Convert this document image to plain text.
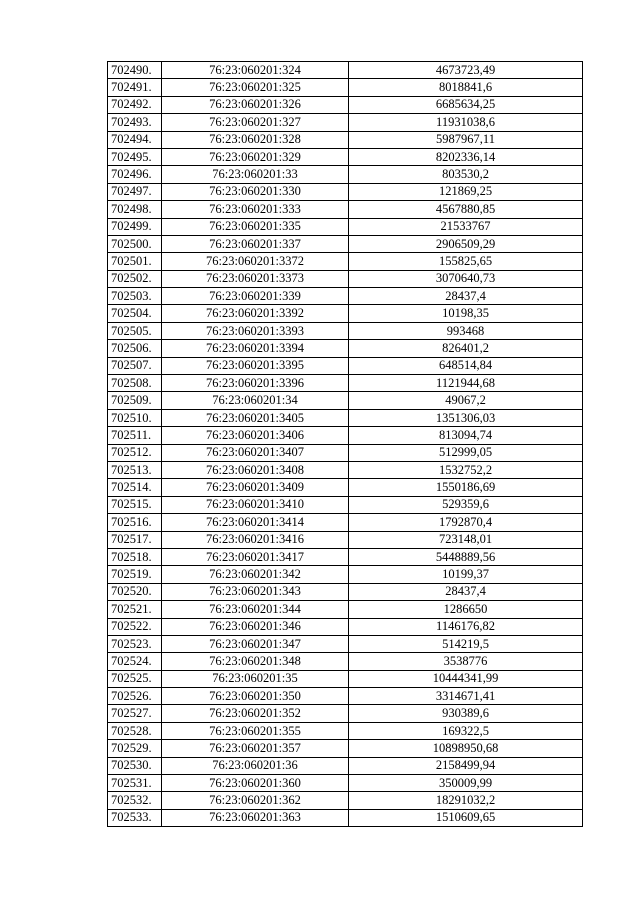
702490.	76:23:060201:324	4673723,49
702491.	76:23:060201:325	8018841,6
702492.	76:23:060201:326	6685634,25
702493.	76:23:060201:327	11931038,6
702494.	76:23:060201:328	5987967,11
702495.	76:23:060201:329	8202336,14
702496.	76:23:060201:33	803530,2
702497.	76:23:060201:330	121869,25
702498.	76:23:060201:333	4567880,85
702499.	76:23:060201:335	21533767
702500.	76:23:060201:337	2906509,29
702501.	76:23:060201:3372	155825,65
702502.	76:23:060201:3373	3070640,73
702503.	76:23:060201:339	28437,4
702504.	76:23:060201:3392	10198,35
702505.	76:23:060201:3393	993468
702506.	76:23:060201:3394	826401,2
702507.	76:23:060201:3395	648514,84
702508.	76:23:060201:3396	1121944,68
702509.	76:23:060201:34	49067,2
702510.	76:23:060201:3405	1351306,03
702511.	76:23:060201:3406	813094,74
702512.	76:23:060201:3407	512999,05
702513.	76:23:060201:3408	1532752,2
702514.	76:23:060201:3409	1550186,69
702515.	76:23:060201:3410	529359,6
702516.	76:23:060201:3414	1792870,4
702517.	76:23:060201:3416	723148,01
702518.	76:23:060201:3417	5448889,56
702519.	76:23:060201:342	10199,37
702520.	76:23:060201:343	28437,4
702521.	76:23:060201:344	1286650
702522.	76:23:060201:346	1146176,82
702523.	76:23:060201:347	514219,5
702524.	76:23:060201:348	3538776
702525.	76:23:060201:35	10444341,99
702526.	76:23:060201:350	3314671,41
702527.	76:23:060201:352	930389,6
702528.	76:23:060201:355	169322,5
702529.	76:23:060201:357	10898950,68
702530.	76:23:060201:36	2158499,94
702531.	76:23:060201:360	350009,99
702532.	76:23:060201:362	18291032,2
702533.	76:23:060201:363	1510609,65
